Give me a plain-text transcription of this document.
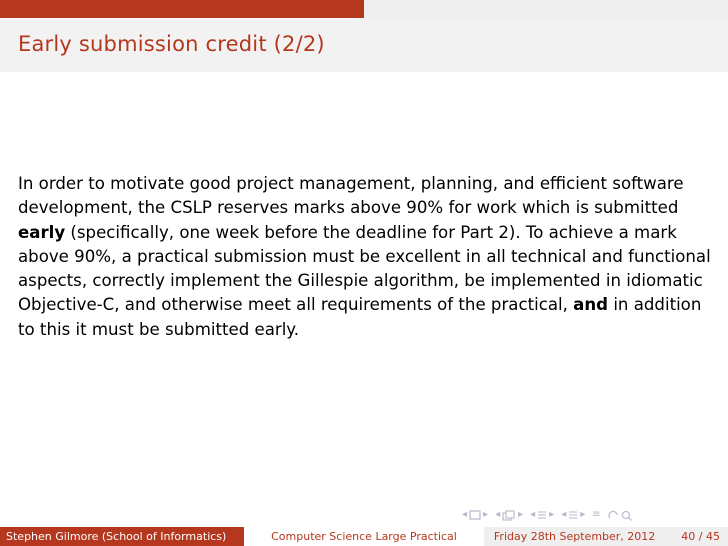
Early submission credit (2/2)
In order to motivate good project management, planning, and efficient software development, the CSLP reserves marks above 90% for work which is submitted early (specifically, one week before the deadline for Part 2). To achieve a mark above 90%, a practical submission must be excellent in all technical and functional aspects, correctly implement the Gillespie algorithm, be implemented in idiomatic Objective-C, and otherwise meet all requirements of the practical, and in addition to this it must be submitted early.
◂ ▸ ◂ ▸ ◂ ▸ ◂ ▸ ≡
Stephen Gilmore (School of Informatics)	Computer Science Large Practical	Friday 28th September, 2012 40 / 45
